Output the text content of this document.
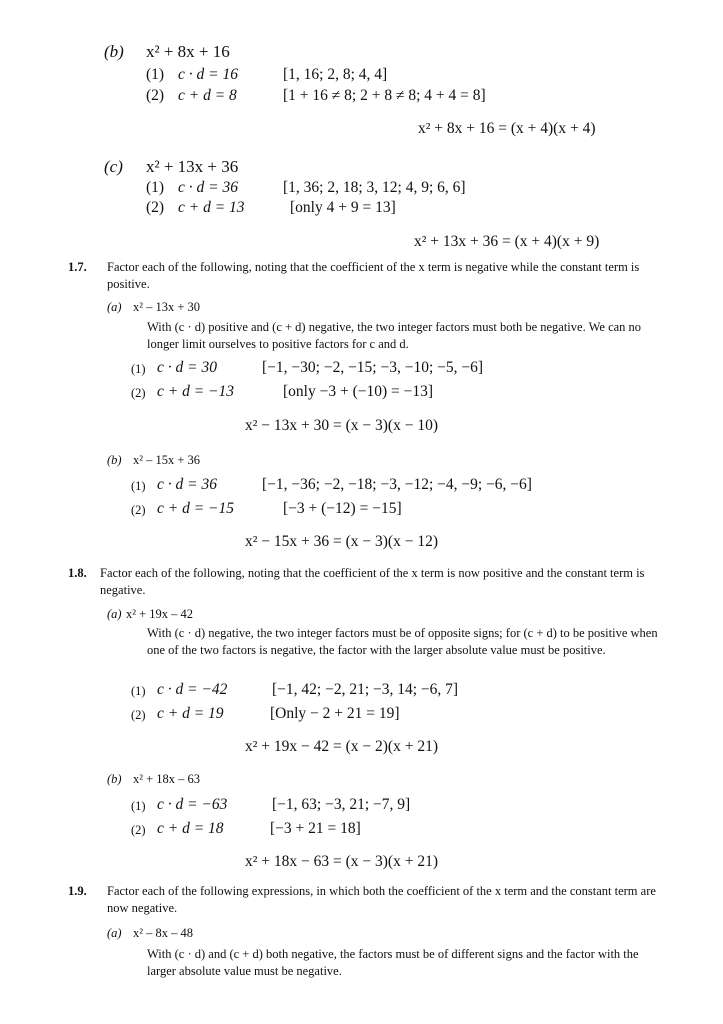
(b) x² + 8x + 16
(1) c · d = 16	[1, 16; 2, 8; 4, 4]
(2) c + d = 8	[1 + 16 ≠ 8; 2 + 8 ≠ 8; 4 + 4 = 8]
x² + 8x + 16 = (x + 4)(x + 4)
(c) x² + 13x + 36
(1) c · d = 36	[1, 36; 2, 18; 3, 12; 4, 9; 6, 6]
(2) c + d = 13	[only 4 + 9 = 13]
x² + 13x + 36 = (x + 4)(x + 9)
1.7. Factor each of the following, noting that the coefficient of the x term is negative while the constant term is positive.
(a) x² – 13x + 30
With (c · d) positive and (c + d) negative, the two integer factors must both be negative. We can no longer limit ourselves to positive factors for c and d.
(1) c · d = 30	[−1, −30; −2, −15; −3, −10; −5, −6]
(2) c + d = −13	[only −3 + (−10) = −13]
x² − 13x + 30 = (x − 3)(x − 10)
(b) x² – 15x + 36
(1) c · d = 36	[−1, −36; −2, −18; −3, −12; −4, −9; −6, −6]
(2) c + d = −15	[−3 + (−12) = −15]
x² − 15x + 36 = (x − 3)(x − 12)
1.8. Factor each of the following, noting that the coefficient of the x term is now positive and the constant term is negative.
(a) x² + 19x – 42
With (c · d) negative, the two integer factors must be of opposite signs; for (c + d) to be positive when one of the two factors is negative, the factor with the larger absolute value must be positive.
(1) c · d = −42	[−1, 42; −2, 21; −3, 14; −6, 7]
(2) c + d = 19	[Only − 2 + 21 = 19]
x² + 19x − 42 = (x − 2)(x + 21)
(b) x² + 18x – 63
(1) c · d = −63	[−1, 63; −3, 21; −7, 9]
(2) c + d = 18	[−3 + 21 = 18]
x² + 18x − 63 = (x − 3)(x + 21)
1.9. Factor each of the following expressions, in which both the coefficient of the x term and the constant term are now negative.
(a) x² – 8x – 48
With (c · d) and (c + d) both negative, the factors must be of different signs and the factor with the larger absolute value must be negative.
